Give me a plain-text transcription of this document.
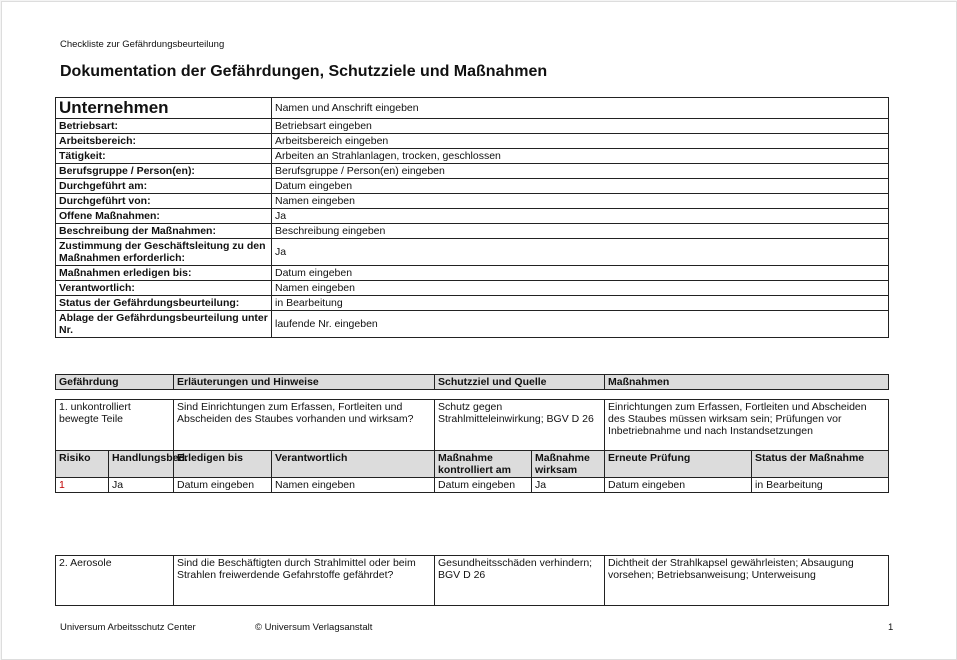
Checkliste zur Gefährdungsbeurteilung
Dokumentation der Gefährdungen, Schutzziele und Maßnahmen
Unternehmen	Namen und Anschrift eingeben
Betriebsart:	Betriebsart eingeben
Arbeitsbereich:	Arbeitsbereich eingeben
Tätigkeit:	Arbeiten an Strahlanlagen, trocken, geschlossen
Berufsgruppe / Person(en):	Berufsgruppe / Person(en) eingeben
Durchgeführt am:	Datum eingeben
Durchgeführt von:	Namen eingeben
Offene Maßnahmen:	Ja
Beschreibung der Maßnahmen:	Beschreibung eingeben
Zustimmung der Geschäftsleitung zu den Maßnahmen erforderlich:	Ja
Maßnahmen erledigen bis:	Datum eingeben
Verantwortlich:	Namen eingeben
Status der Gefährdungsbeurteilung:	in Bearbeitung
Ablage der Gefährdungsbeurteilung unter Nr.	laufende Nr. eingeben
Gefährdung	Erläuterungen und Hinweise	Schutzziel und Quelle	Maßnahmen
1. unkontrolliert bewegte Teile		Sind Einrichtungen zum Erfassen, Fortleiten und Abscheiden des Staubes vorhanden und wirksam?		Schutz gegen Strahlmitteleinwirkung; BGV D 26		Einrichtungen zum Erfassen, Fortleiten und Abscheiden des Staubes müssen wirksam sein; Prüfungen vor Inbetriebnahme und nach Instandsetzungen	
Risiko	Handlungsbed.	Erledigen bis	Verantwortlich	Maßnahme kontrolliert am	Maßnahme wirksam	Erneute Prüfung	Status der Maßnahme
1	Ja	Datum eingeben	Namen eingeben	Datum eingeben	Ja	Datum eingeben	in Bearbeitung
2. Aerosole	Sind die Beschäftigten durch Strahlmittel oder beim Strahlen freiwerdende Gefahrstoffe gefährdet?	Gesundheitsschäden verhindern; BGV D 26	Dichtheit der Strahlkapsel gewährleisten; Absaugung vorsehen; Betriebsanweisung; Unterweisung
Universum Arbeitsschutz Center	© Universum Verlagsanstalt	1
